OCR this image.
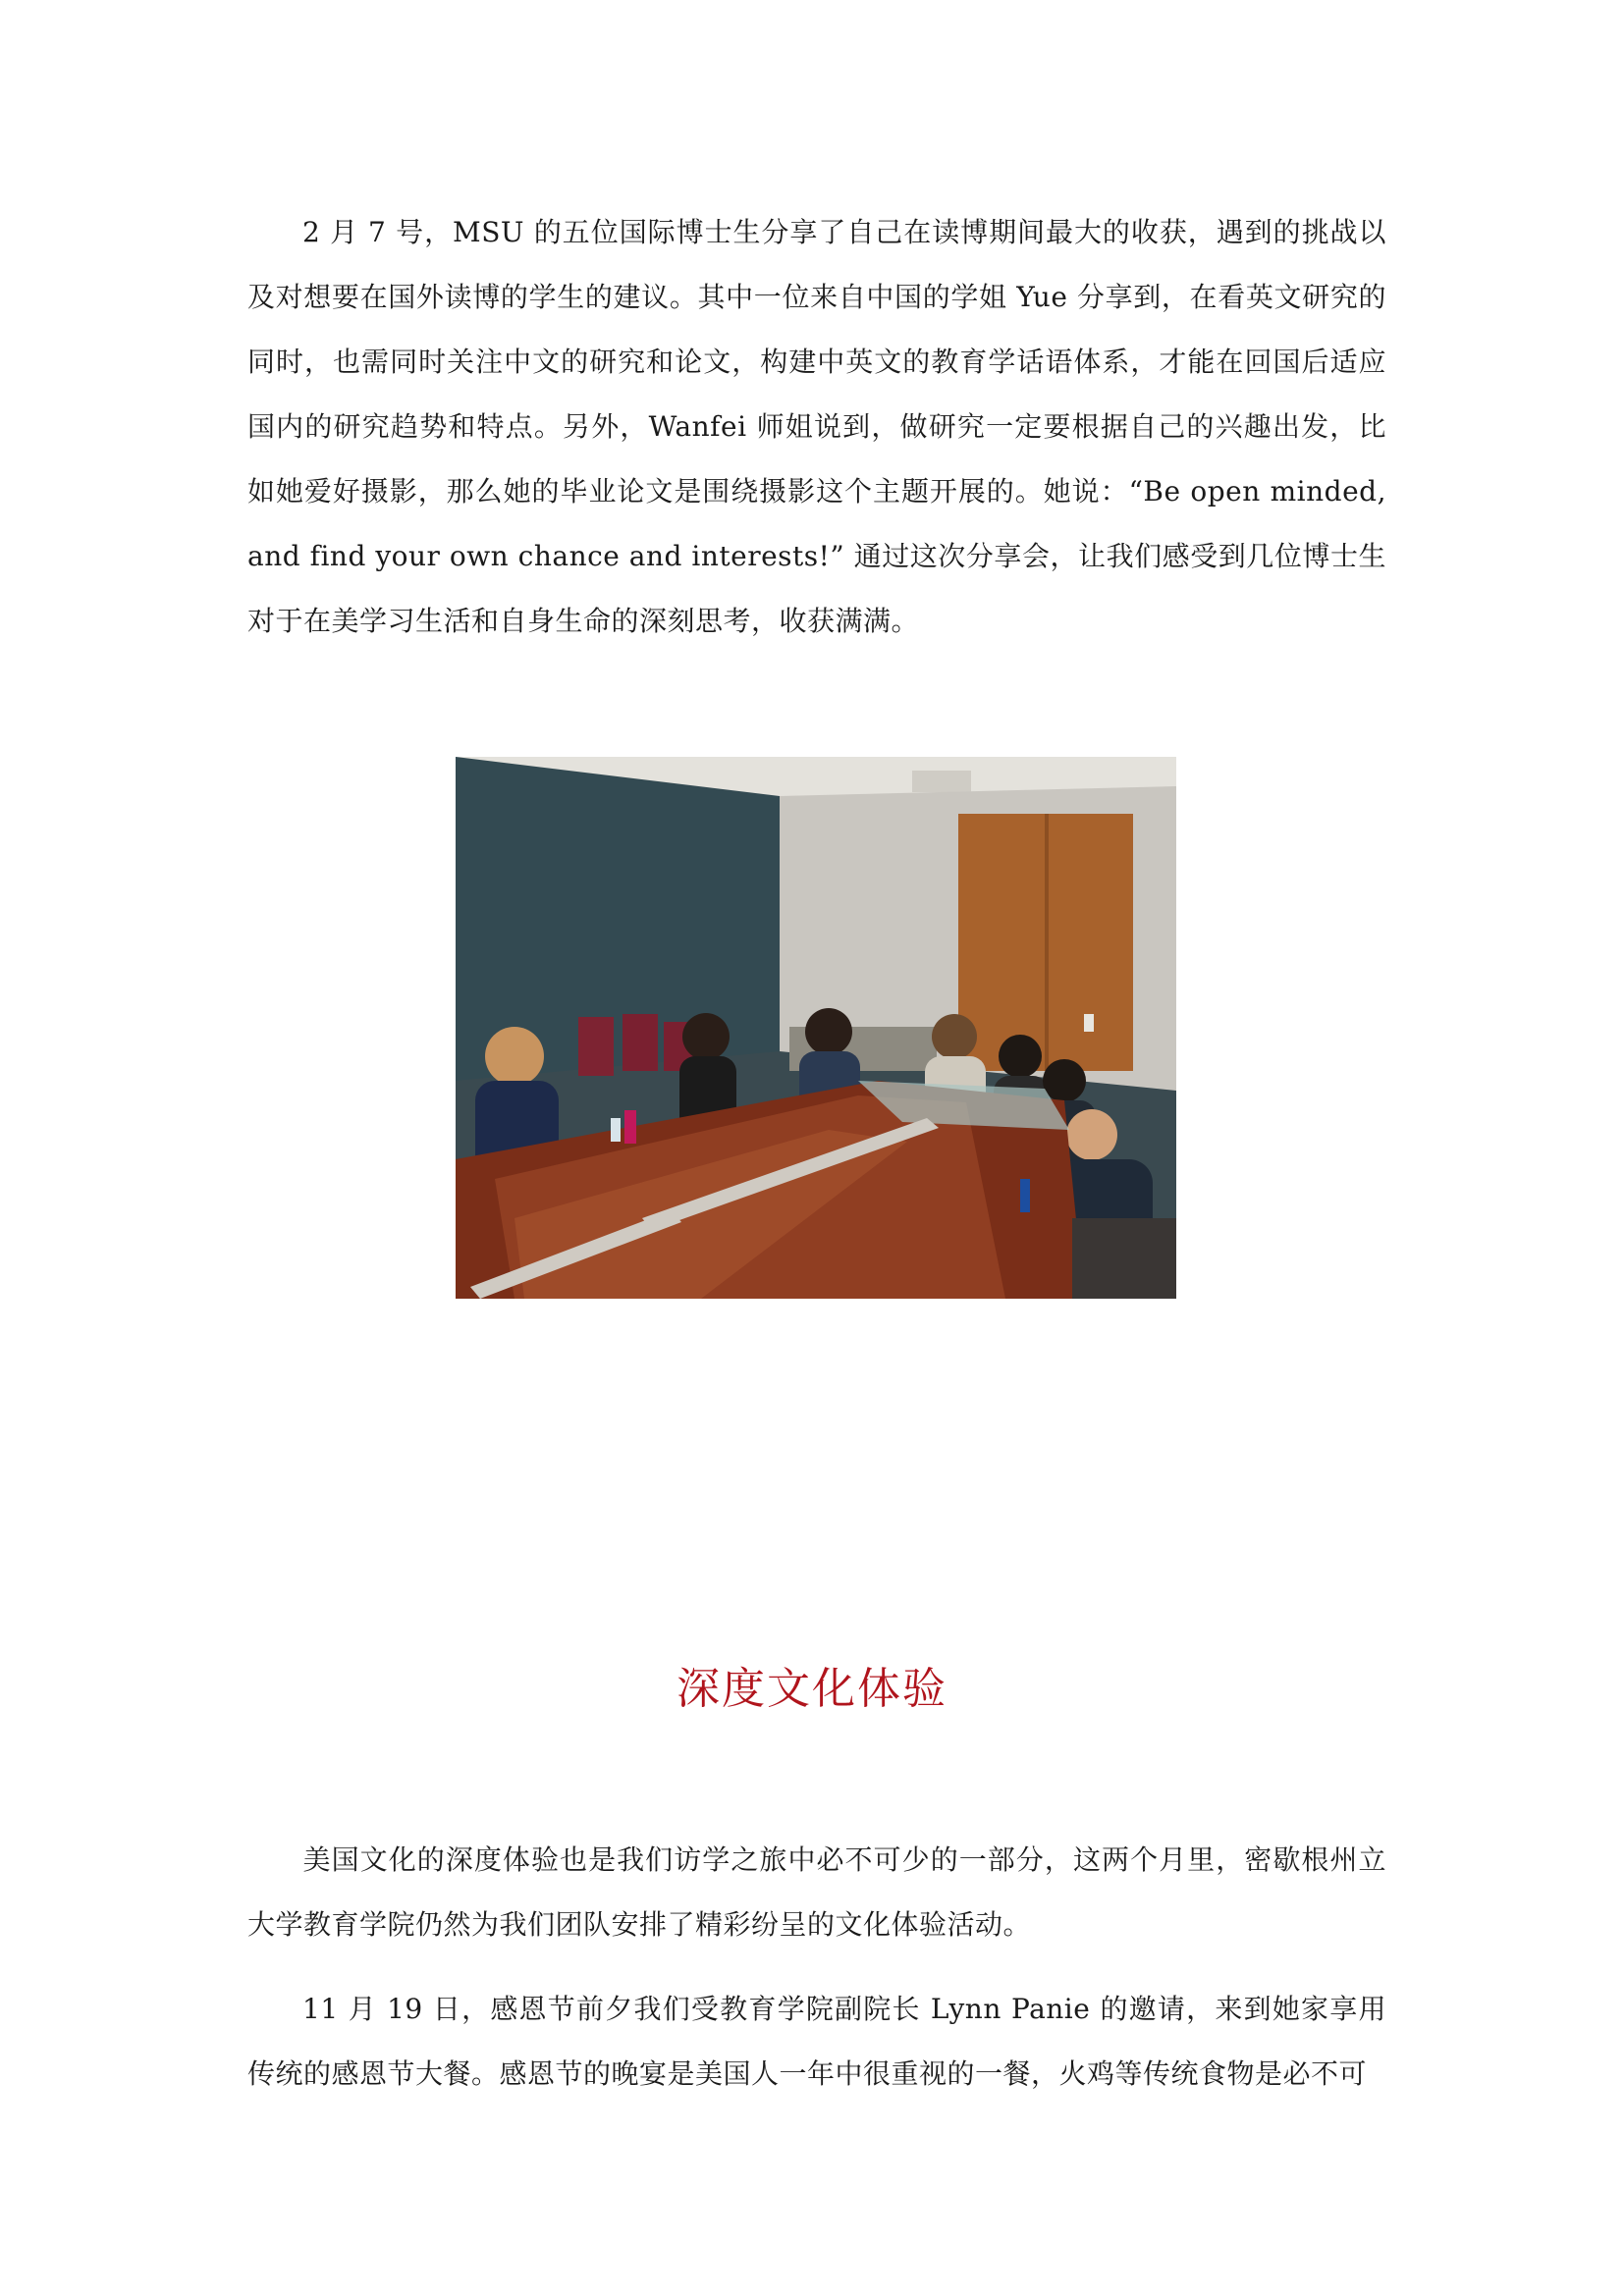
2 月 7 号，MSU 的五位国际博士生分享了自己在读博期间最大的收获，遇到的挑战以及对想要在国外读博的学生的建议。其中一位来自中国的学姐 Yue 分享到，在看英文研究的同时，也需同时关注中文的研究和论文，构建中英文的教育学话语体系，才能在回国后适应国内的研究趋势和特点。另外，Wanfei 师姐说到，做研究一定要根据自己的兴趣出发，比如她爱好摄影，那么她的毕业论文是围绕摄影这个主题开展的。她说：“Be open minded, and find your own chance and interests!” 通过这次分享会，让我们感受到几位博士生对于在美学习生活和自身生命的深刻思考，收获满满。

深度文化体验

美国文化的深度体验也是我们访学之旅中必不可少的一部分，这两个月里，密歇根州立大学教育学院仍然为我们团队安排了精彩纷呈的文化体验活动。

11 月 19 日，感恩节前夕我们受教育学院副院长 Lynn Panie 的邀请，来到她家享用传统的感恩节大餐。感恩节的晚宴是美国人一年中很重视的一餐，火鸡等传统食物是必不可
